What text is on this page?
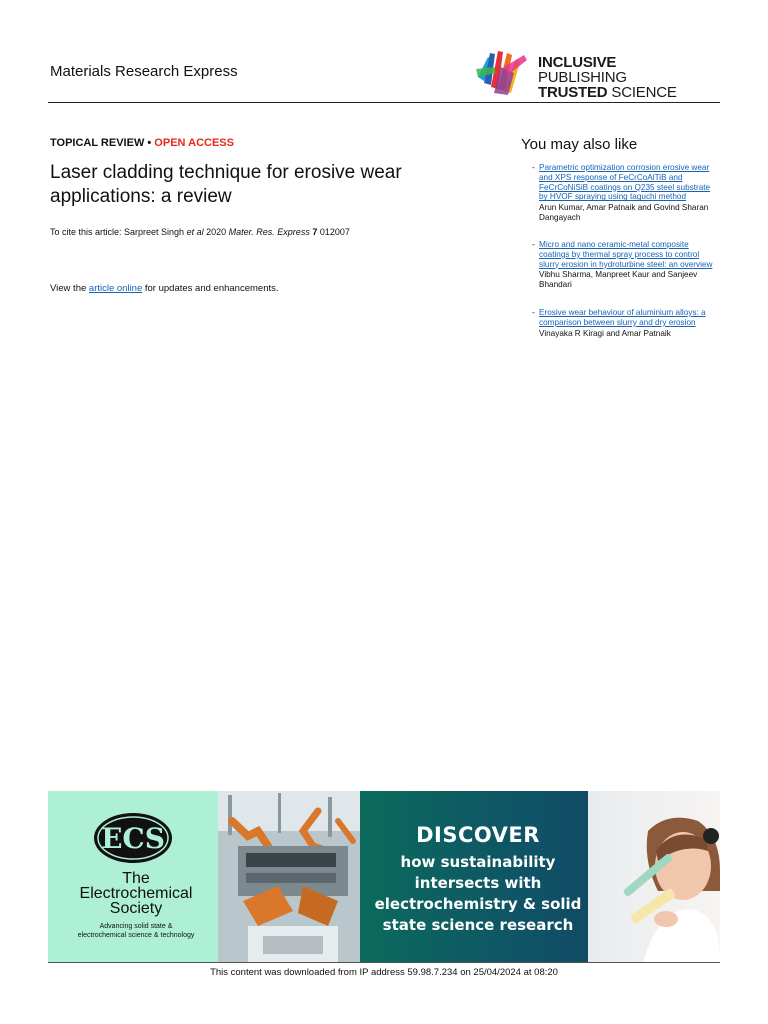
Materials Research Express
INCLUSIVE PUBLISHING
TRUSTED SCIENCE
TOPICAL REVIEW • OPEN ACCESS
Laser cladding technique for erosive wear applications: a review
To cite this article: Sarpreet Singh et al 2020 Mater. Res. Express 7 012007
View the article online for updates and enhancements.
You may also like
- Parametric optimization corrosion erosive wear and XPS response of FeCrCoAlTiB and FeCrCoNiSiB coatings on Q235 steel substrate by HVOF spraying using taguchi method
Arun Kumar, Amar Patnaik and Govind Sharan Dangayach
- Micro and nano ceramic-metal composite coatings by thermal spray process to control slurry erosion in hydroturbine steel: an overview
Vibhu Sharma, Manpreet Kaur and Sanjeev Bhandari
- Erosive wear behaviour of aluminium alloys: a comparison between slurry and dry erosion
Vinayaka R Kiragi and Amar Patnaik
ECS
The
Electrochemical
Society
Advancing solid state &
electrochemical science & technology
DISCOVER
how sustainability
intersects with
electrochemistry & solid
state science research
This content was downloaded from IP address 59.98.7.234 on 25/04/2024 at 08:20
